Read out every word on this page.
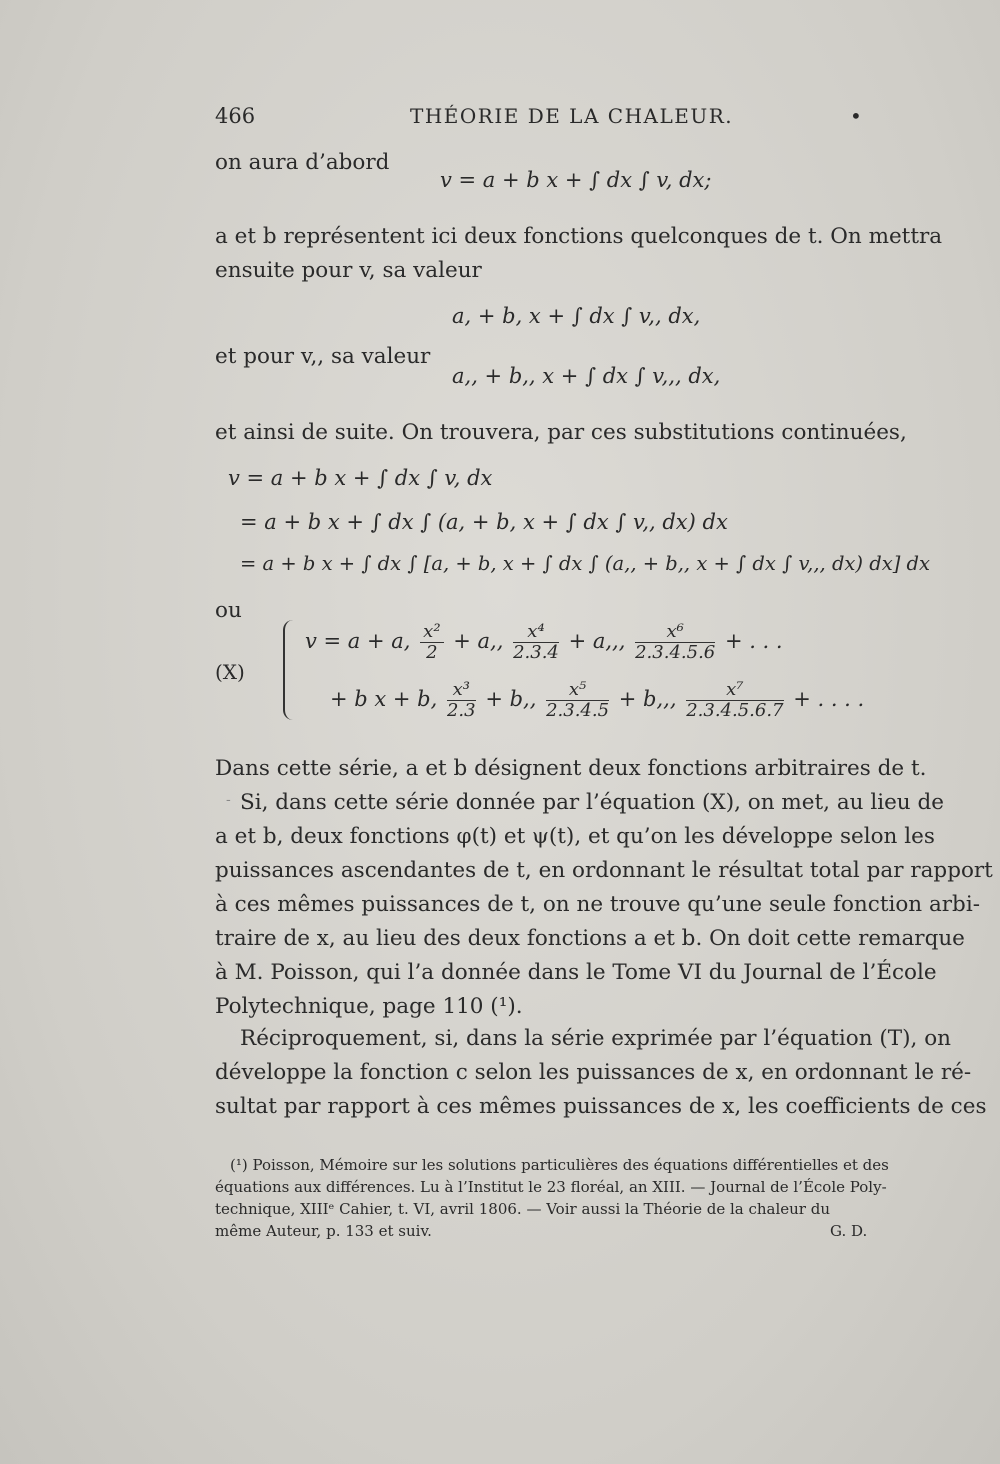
466	THÉORIE DE LA CHALEUR.	•
on aura d’abord
v = a + b x + ∫ dx ∫ v, dx;
a et b représentent ici deux fonctions quelconques de t. On mettra
ensuite pour v, sa valeur
a, + b, x + ∫ dx ∫ v,, dx,
et pour v,, sa valeur
a,, + b,, x + ∫ dx ∫ v,,, dx,
et ainsi de suite. On trouvera, par ces substitutions continuées,
v = a + b x + ∫ dx ∫ v, dx
= a + b x + ∫ dx ∫ (a, + b, x + ∫ dx ∫ v,, dx) dx
= a + b x + ∫ dx ∫ [a, + b, x + ∫ dx ∫ (a,, + b,, x + ∫ dx ∫ v,,, dx) dx] dx
ou
(X)
v = a + a, $\frac{\text{x²}}{2} + a$,, $\frac{\text{x⁴}}{2.3.4} + a$,,, $\frac{\text{x⁶}}{2.3.4.5.6}$ + . . .
+ b x + b, $\frac{\text{x³}}{2.3} + b$,, $\frac{\text{x⁵}}{2.3.4.5} + b$,,, $\frac{\text{x⁷}}{2.3.4.5.6.7}$ + . . . .
Dans cette série, a et b désignent deux fonctions arbitraires de t.
- Si, dans cette série donnée par l’équation (X), on met, au lieu de
a et b, deux fonctions φ(t) et ψ(t), et qu’on les développe selon les
puissances ascendantes de t, en ordonnant le résultat total par rapport
à ces mêmes puissances de t, on ne trouve qu’une seule fonction arbi-
traire de x, au lieu des deux fonctions a et b. On doit cette remarque
à M. Poisson, qui l’a donnée dans le Tome VI du Journal de l’École
Polytechnique, page 110 (¹).
Réciproquement, si, dans la série exprimée par l’équation (T), on
développe la fonction c selon les puissances de x, en ordonnant le ré-
sultat par rapport à ces mêmes puissances de x, les coefficients de ces
(¹) Poisson, Mémoire sur les solutions particulières des équations différentielles et des
équations aux différences. Lu à l’Institut le 23 floréal, an XIII. — Journal de l’École Poly-
technique, XIIIᵉ Cahier, t. VI, avril 1806. — Voir aussi la Théorie de la chaleur du
même Auteur, p. 133 et suiv.	G. D.
